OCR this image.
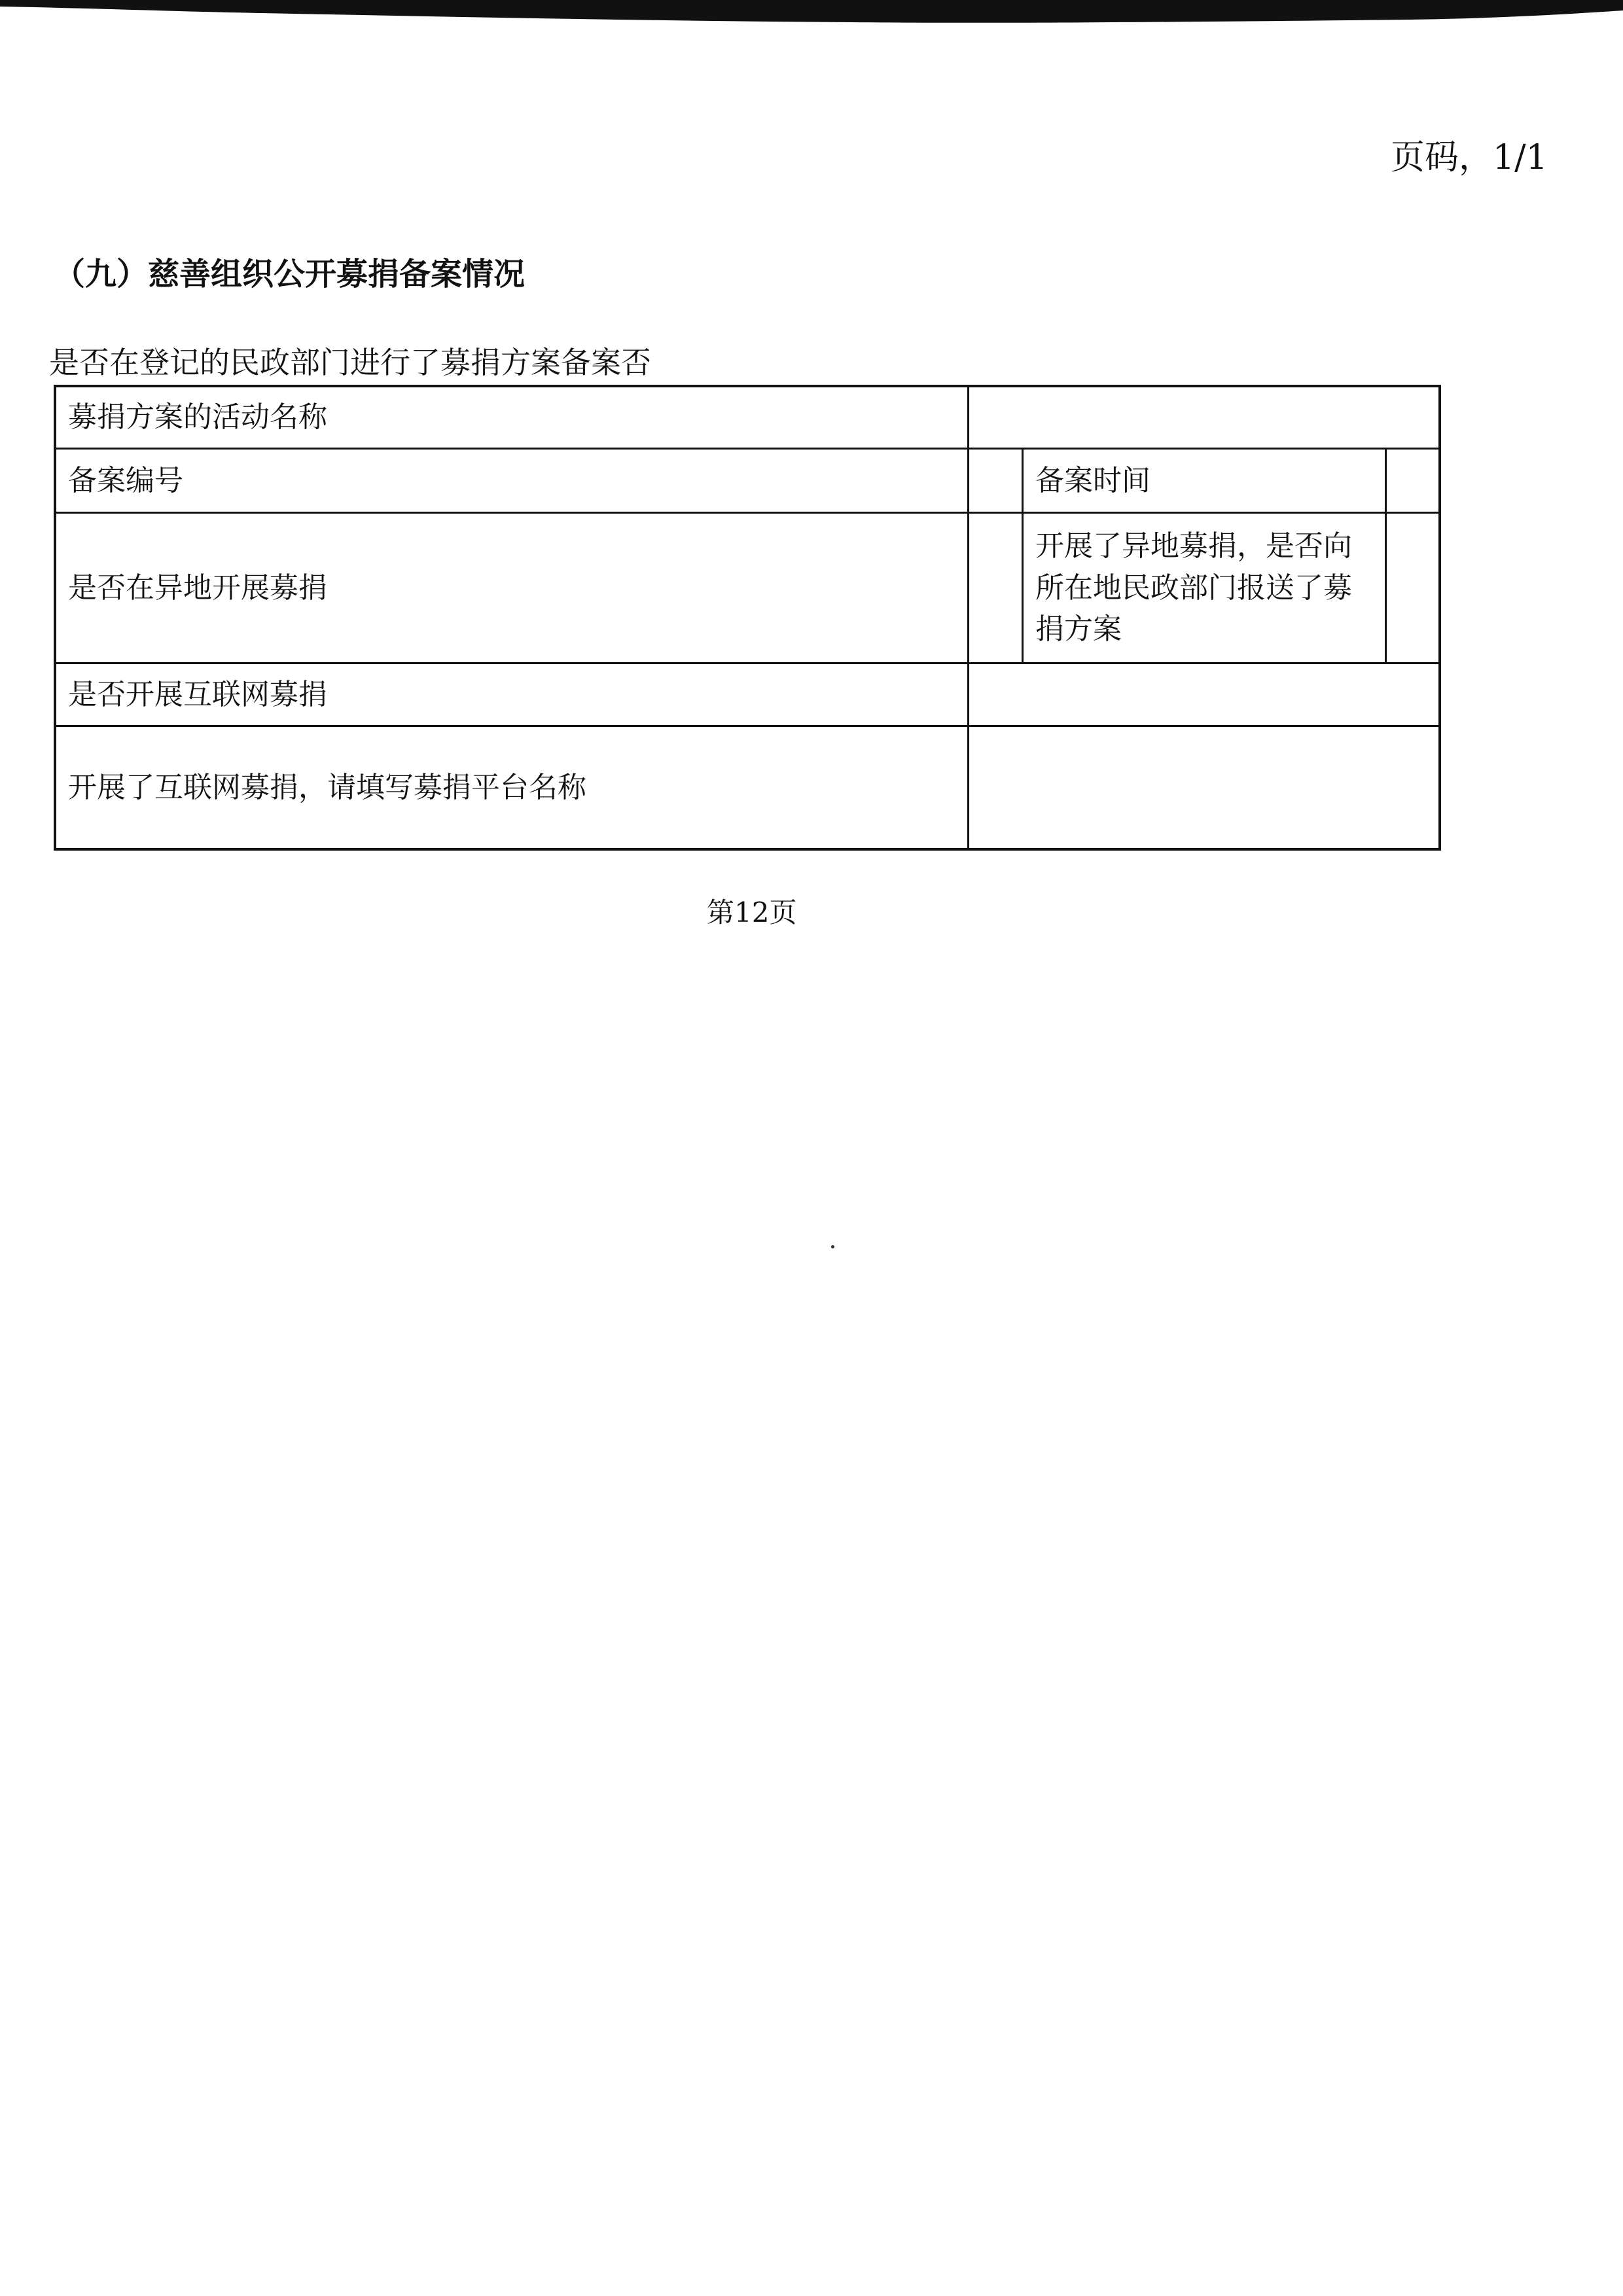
页码，1/1
（九）慈善组织公开募捐备案情况
是否在登记的民政部门进行了募捐方案备案否
募捐方案的活动名称
备案编号	备案时间
是否在异地开展募捐
开展了异地募捐，是否向所在地民政部门报送了募捐方案
是否开展互联网募捐
开展了互联网募捐，请填写募捐平台名称
第12页
